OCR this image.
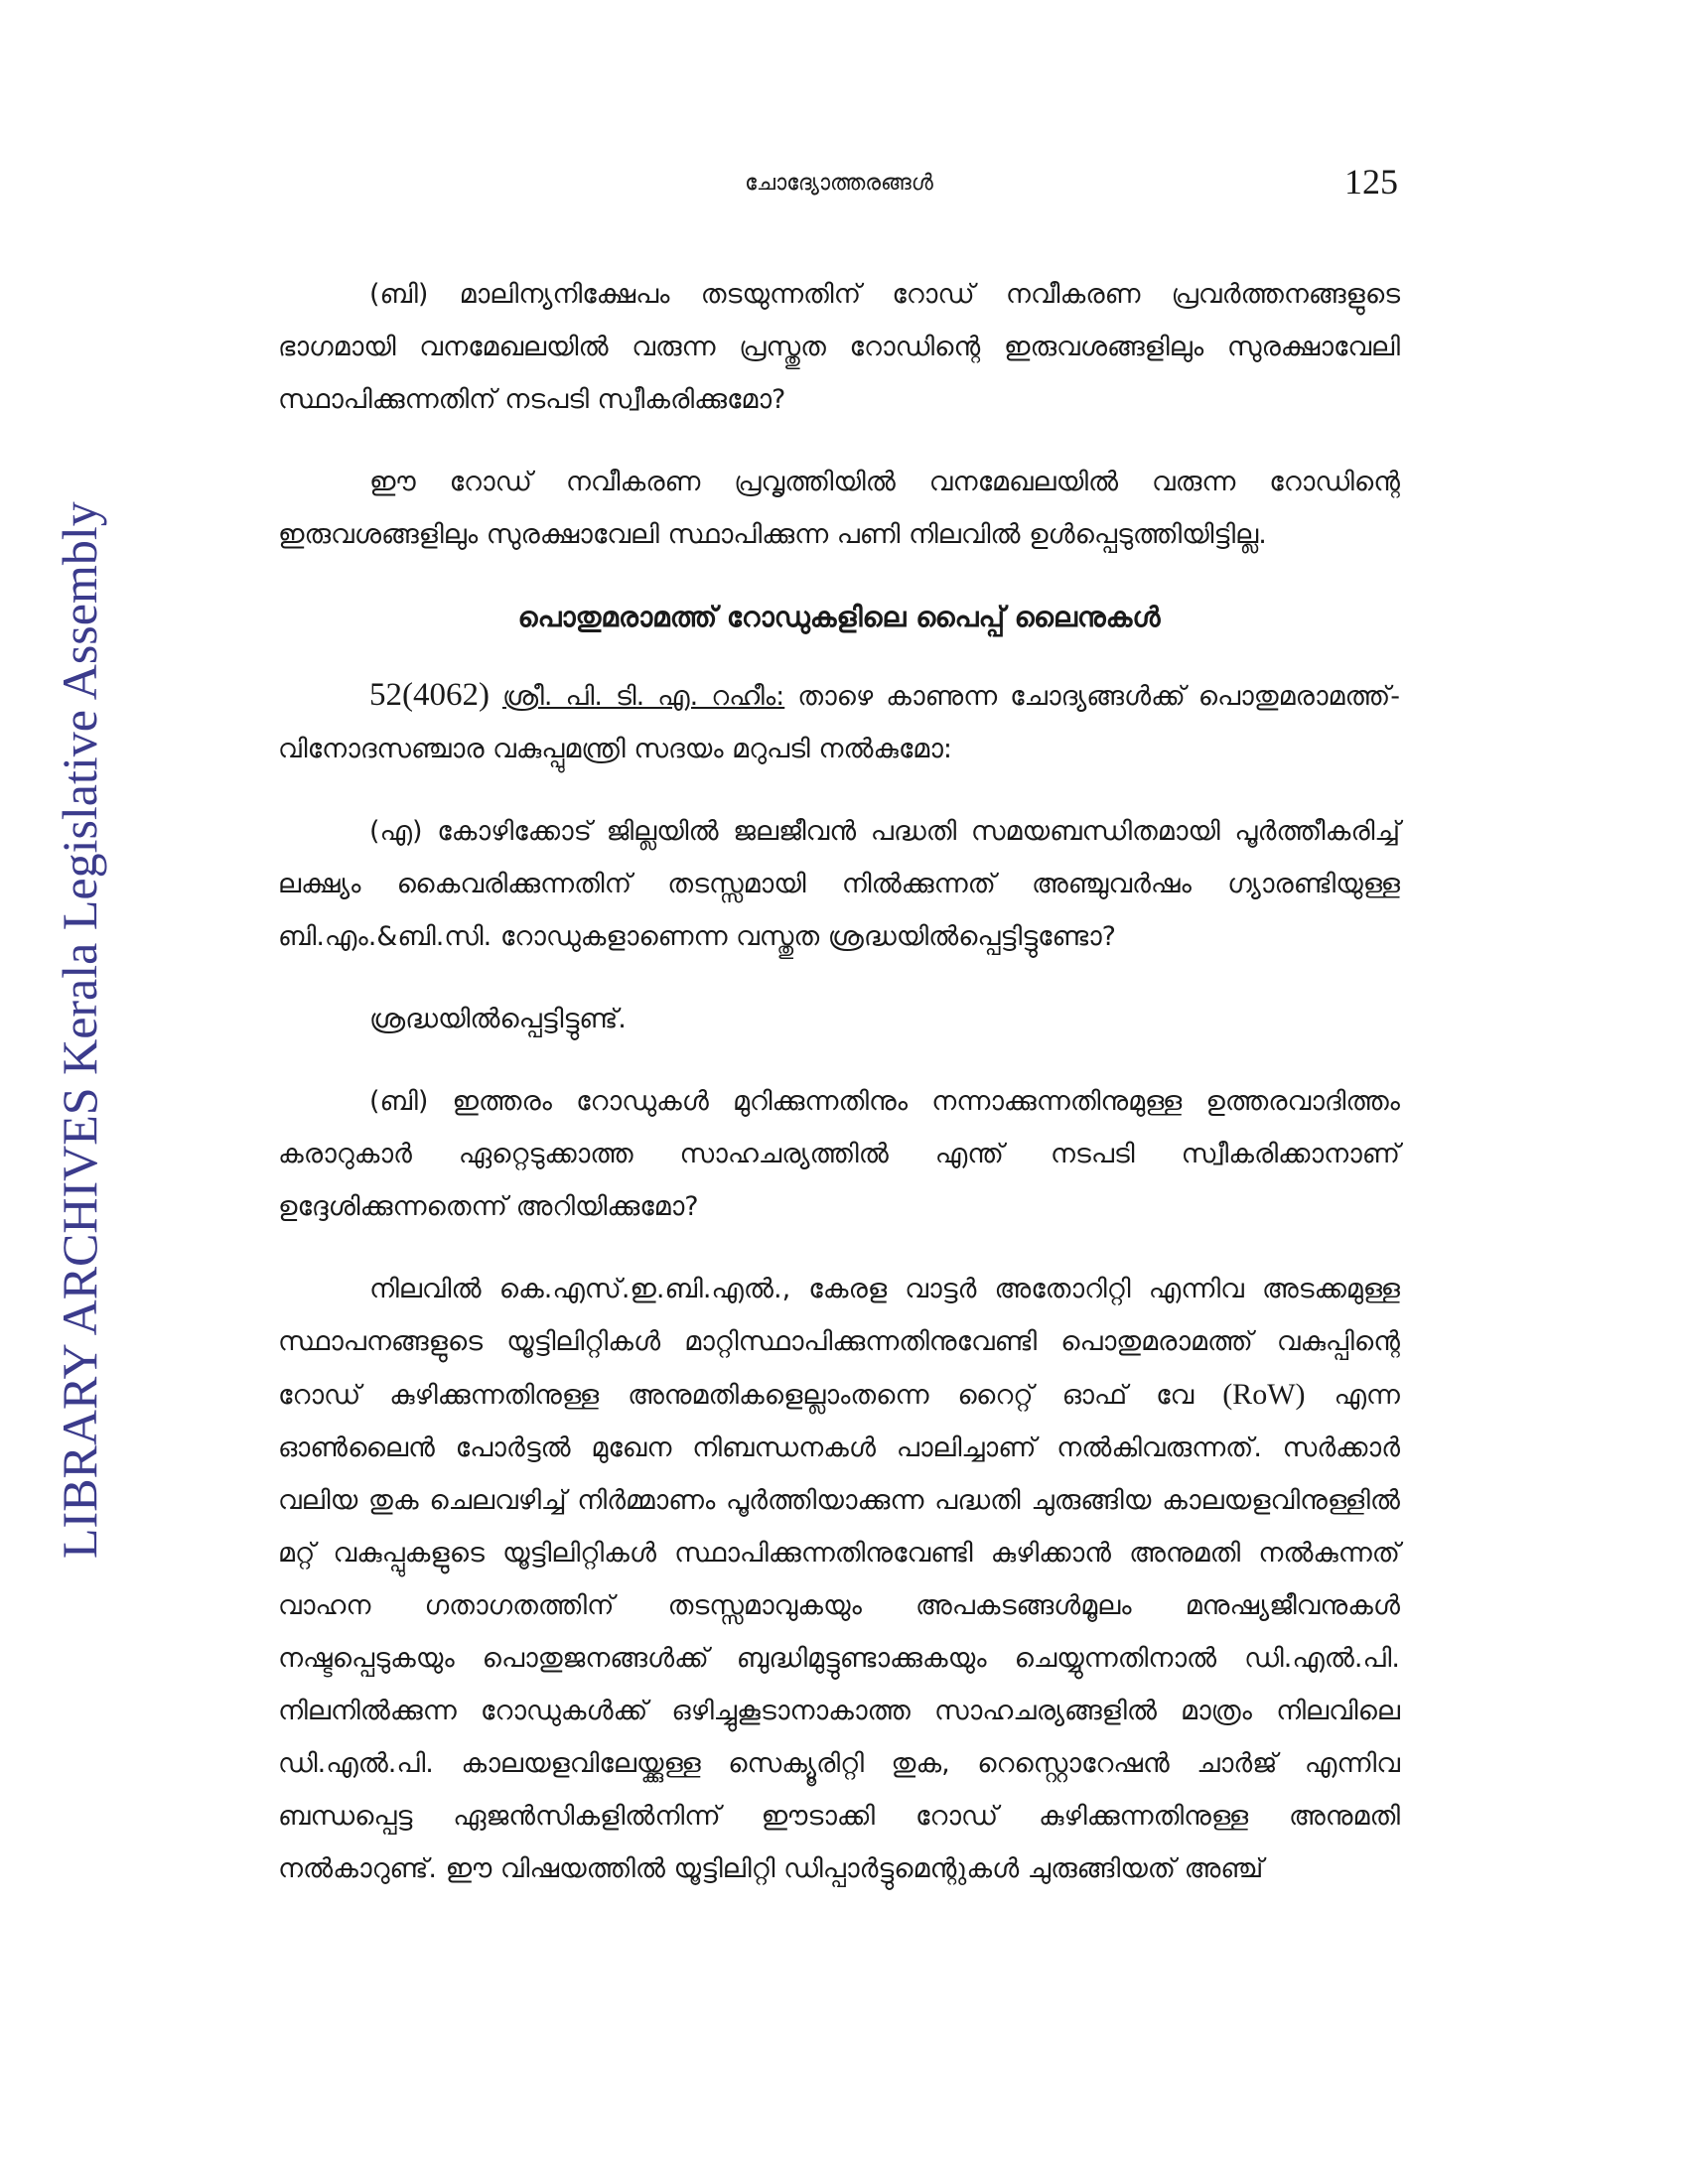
LIBRARY ARCHIVES Kerala Legislative Assembly
ചോദ്യോത്തരങ്ങൾ	125

(ബി) മാലിന്യനിക്ഷേപം തടയുന്നതിന് റോഡ് നവീകരണ പ്രവർത്തനങ്ങളുടെ ഭാഗമായി വനമേഖലയിൽ വരുന്ന പ്രസ്തുത റോഡിന്റെ ഇരുവശങ്ങളിലും സുരക്ഷാവേലി സ്ഥാപിക്കുന്നതിന് നടപടി സ്വീകരിക്കുമോ?

ഈ റോഡ് നവീകരണ പ്രവൃത്തിയിൽ വനമേഖലയിൽ വരുന്ന റോഡിന്റെ ഇരുവശങ്ങളിലും സുരക്ഷാവേലി സ്ഥാപിക്കുന്ന പണി നിലവിൽ ഉൾപ്പെടുത്തിയിട്ടില്ല.

പൊതുമരാമത്ത് റോഡുകളിലെ പൈപ്പ് ലൈനുകൾ

52(4062) ശ്രീ. പി. ടി. എ. റഹീം: താഴെ കാണുന്ന ചോദ്യങ്ങൾക്ക് പൊതുമരാമത്ത്-വിനോദസഞ്ചാര വകുപ്പുമന്ത്രി സദയം മറുപടി നൽകുമോ:

(എ) കോഴിക്കോട് ജില്ലയിൽ ജലജീവൻ പദ്ധതി സമയബന്ധിതമായി പൂർത്തീകരിച്ച് ലക്ഷ്യം കൈവരിക്കുന്നതിന് തടസ്സമായി നിൽക്കുന്നത് അഞ്ചുവർഷം ഗ്യാരണ്ടിയുള്ള ബി.എം.&ബി.സി. റോഡുകളാണെന്ന വസ്തുത ശ്രദ്ധയിൽപ്പെട്ടിട്ടുണ്ടോ?

ശ്രദ്ധയിൽപ്പെട്ടിട്ടുണ്ട്.

(ബി) ഇത്തരം റോഡുകൾ മുറിക്കുന്നതിനും നന്നാക്കുന്നതിനുമുള്ള ഉത്തരവാദിത്തം കരാറുകാർ ഏറ്റെടുക്കാത്ത സാഹചര്യത്തിൽ എന്ത് നടപടി സ്വീകരിക്കാനാണ് ഉദ്ദേശിക്കുന്നതെന്ന് അറിയിക്കുമോ?

നിലവിൽ കെ.എസ്.ഇ.ബി.എൽ., കേരള വാട്ടർ അതോറിറ്റി എന്നിവ അടക്കമുള്ള സ്ഥാപനങ്ങളുടെ യൂട്ടിലിറ്റികൾ മാറ്റിസ്ഥാപിക്കുന്നതിനുവേണ്ടി പൊതുമരാമത്ത് വകുപ്പിന്റെ റോഡ് കുഴിക്കുന്നതിനുള്ള അനുമതികളെല്ലാംതന്നെ റൈറ്റ് ഓഫ് വേ (RoW) എന്ന ഓൺലൈൻ പോർട്ടൽ മുഖേന നിബന്ധനകൾ പാലിച്ചാണ് നൽകിവരുന്നത്. സർക്കാർ വലിയ തുക ചെലവഴിച്ച് നിർമ്മാണം പൂർത്തിയാക്കുന്ന പദ്ധതി ചുരുങ്ങിയ കാലയളവിനുള്ളിൽ മറ്റ് വകുപ്പുകളുടെ യൂട്ടിലിറ്റികൾ സ്ഥാപിക്കുന്നതിനുവേണ്ടി കുഴിക്കാൻ അനുമതി നൽകുന്നത് വാഹന ഗതാഗതത്തിന് തടസ്സമാവുകയും അപകടങ്ങൾമൂലം മനുഷ്യജീവനുകൾ നഷ്ടപ്പെടുകയും പൊതുജനങ്ങൾക്ക് ബുദ്ധിമുട്ടുണ്ടാക്കുകയും ചെയ്യുന്നതിനാൽ ഡി.എൽ.പി. നിലനിൽക്കുന്ന റോഡുകൾക്ക് ഒഴിച്ചുകൂടാനാകാത്ത സാഹചര്യങ്ങളിൽ മാത്രം നിലവിലെ ഡി.എൽ.പി. കാലയളവിലേയ്ക്കുള്ള സെക്യൂരിറ്റി തുക, റെസ്റ്റൊറേഷൻ ചാർജ് എന്നിവ ബന്ധപ്പെട്ട ഏജൻസികളിൽനിന്ന് ഈടാക്കി റോഡ് കുഴിക്കുന്നതിനുള്ള അനുമതി നൽകാറുണ്ട്. ഈ വിഷയത്തിൽ യൂട്ടിലിറ്റി ഡിപ്പാർട്ടുമെന്റുകൾ ചുരുങ്ങിയത് അഞ്ച്
